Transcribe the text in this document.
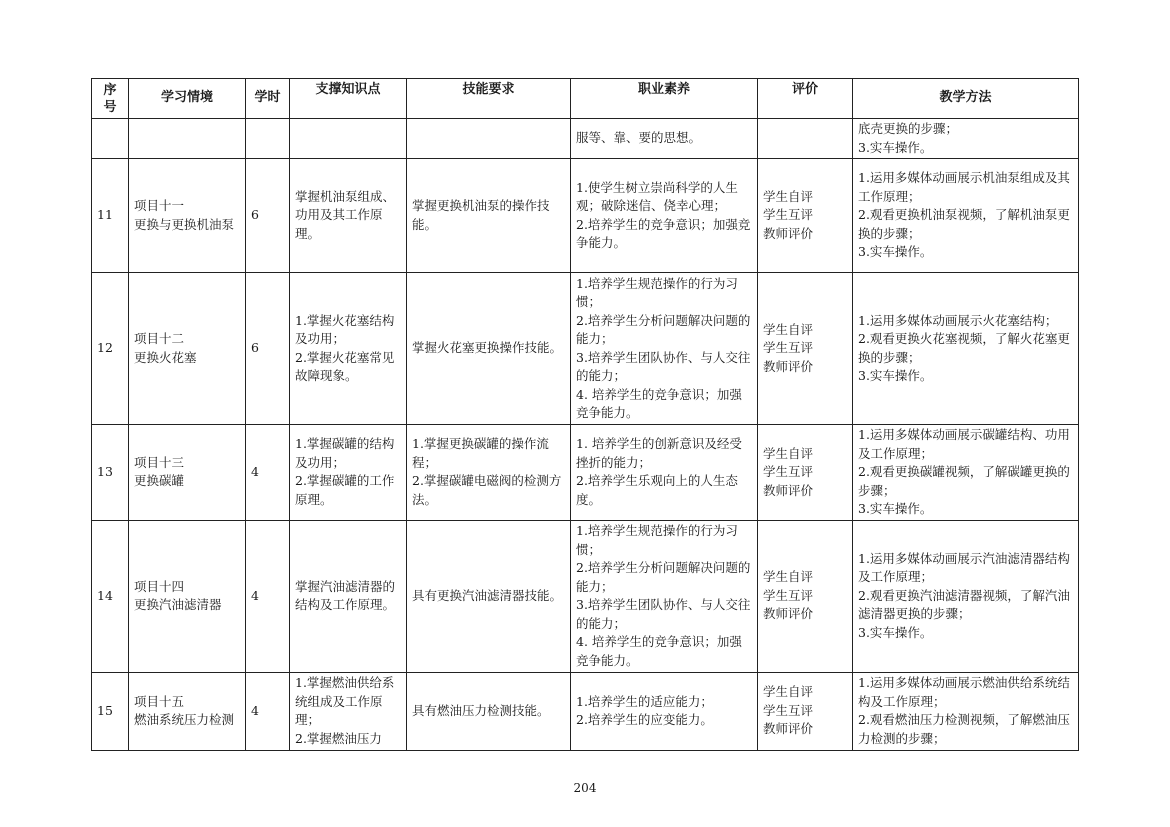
序
号	学习情境	学时	支撑知识点	技能要求	职业素养	评价	教学方法

					服等、靠、要的思想。		底壳更换的步骤；
3.实车操作。

11	项目十一
更换与更换机油泵	6	掌握机油泵组成、功用及其工作原理。	掌握更换机油泵的操作技能。	1.使学生树立崇尚科学的人生观；破除迷信、侥幸心理；
2.培养学生的竞争意识；加强竞争能力。	学生自评
学生互评
教师评价	1.运用多媒体动画展示机油泵组成及其工作原理；
2.观看更换机油泵视频，了解机油泵更换的步骤；
3.实车操作。

12	项目十二
更换火花塞	6	1.掌握火花塞结构及功用；
2.掌握火花塞常见故障现象。	掌握火花塞更换操作技能。	1.培养学生规范操作的行为习惯；
2.培养学生分析问题解决问题的能力；
3.培养学生团队协作、与人交往的能力；
4. 培养学生的竞争意识；加强竞争能力。	学生自评
学生互评
教师评价	1.运用多媒体动画展示火花塞结构；
2.观看更换火花塞视频，了解火花塞更换的步骤；
3.实车操作。

13	项目十三
更换碳罐	4	1.掌握碳罐的结构及功用；
2.掌握碳罐的工作原理。	1.掌握更换碳罐的操作流程；
2.掌握碳罐电磁阀的检测方法。	1. 培养学生的创新意识及经受挫折的能力；
2.培养学生乐观向上的人生态度。	学生自评
学生互评
教师评价	1.运用多媒体动画展示碳罐结构、功用及工作原理；
2.观看更换碳罐视频，了解碳罐更换的步骤；
3.实车操作。

14	项目十四
更换汽油滤清器	4	掌握汽油滤清器的结构及工作原理。	具有更换汽油滤清器技能。	1.培养学生规范操作的行为习惯；
2.培养学生分析问题解决问题的能力；
3.培养学生团队协作、与人交往的能力；
4. 培养学生的竞争意识；加强竞争能力。	学生自评
学生互评
教师评价	1.运用多媒体动画展示汽油滤清器结构及工作原理；
2.观看更换汽油滤清器视频，了解汽油滤清器更换的步骤；
3.实车操作。

15	项目十五
燃油系统压力检测	4	1.掌握燃油供给系统组成及工作原理；
2.掌握燃油压力	具有燃油压力检测技能。	1.培养学生的适应能力；
2.培养学生的应变能力。	学生自评
学生互评
教师评价	1.运用多媒体动画展示燃油供给系统结构及工作原理；
2.观看燃油压力检测视频，了解燃油压力检测的步骤；
204
